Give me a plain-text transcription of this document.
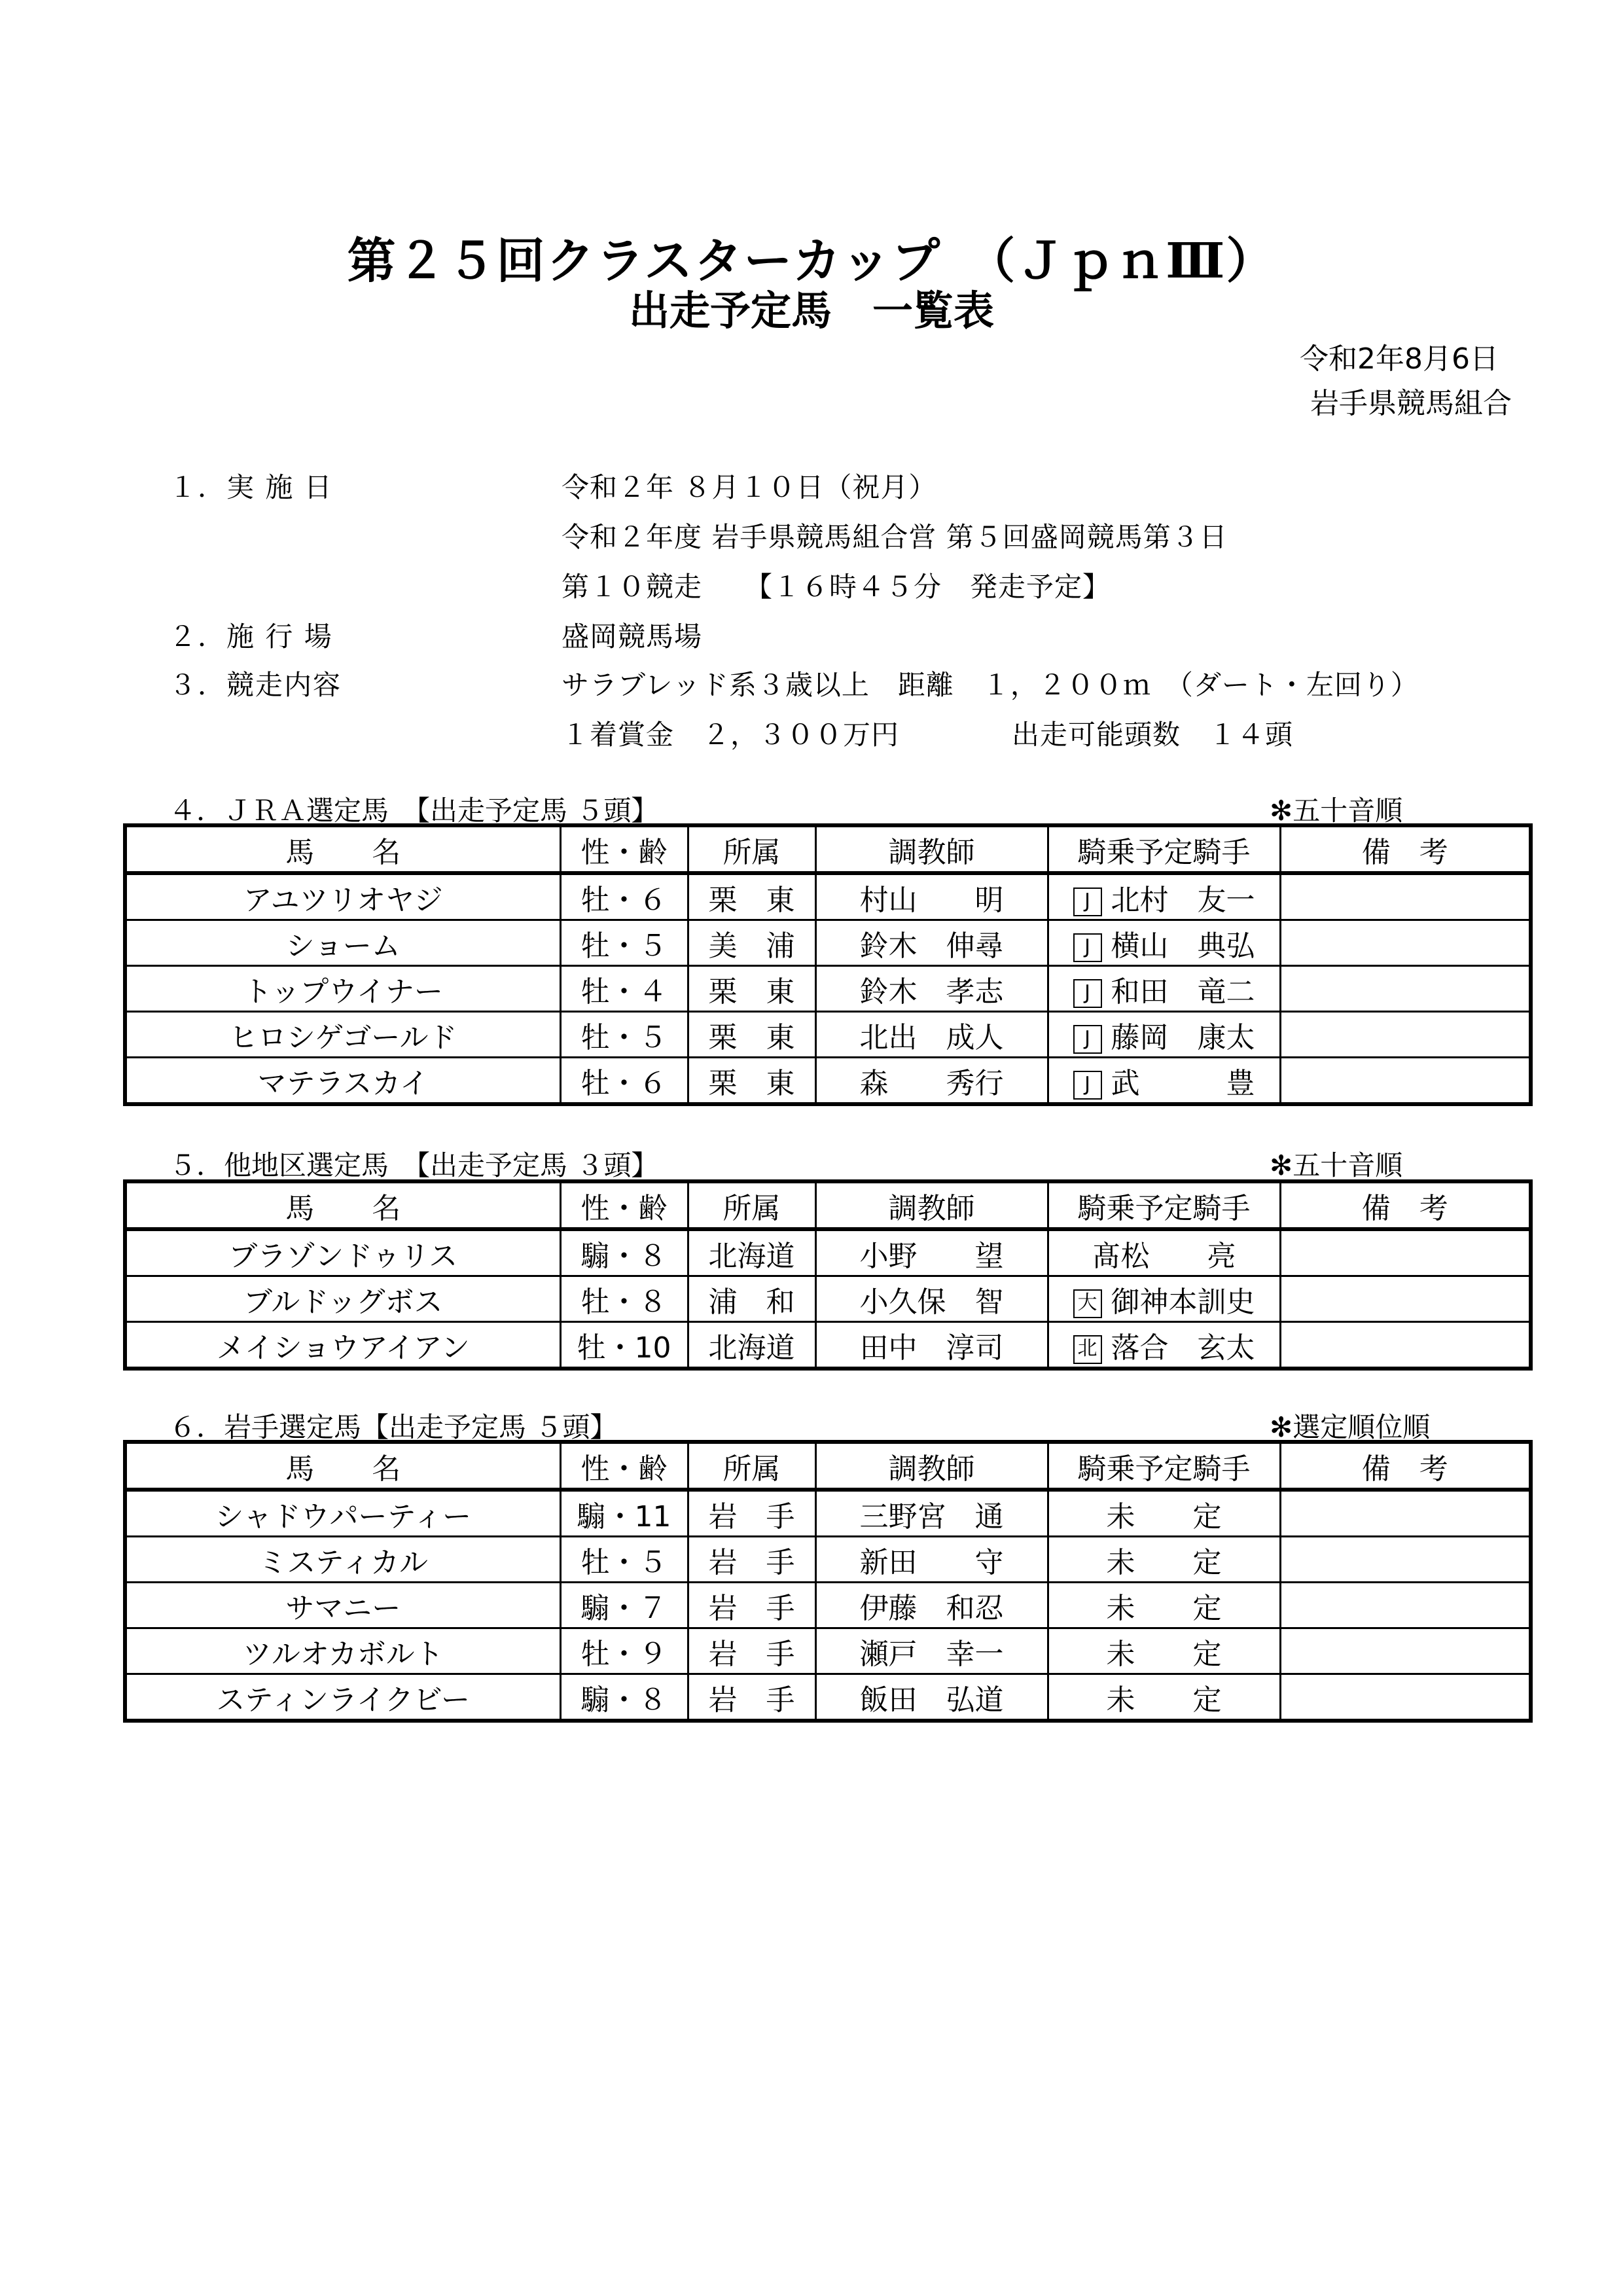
第２５回クラスターカップ　（ＪｐｎⅢ）
出走予定馬　一覧表
令和2年8月6日
岩手県競馬組合
１．実 施 日	令和２年 ８月１０日（祝月）
令和２年度 岩手県競馬組合営 第５回盛岡競馬第３日
第１０競走　　【１６時４５分　発走予定】
２．施 行 場	盛岡競馬場
３．競走内容	サラブレッド系３歳以上　距離　１，２００ｍ　（ダート・左回り）
１着賞金　２，３００万円　　　　出走可能頭数　１４頭
４．ＪＲＡ選定馬　【出走予定馬 ５頭】	✻五十音順
馬　　名	性・齢	所属	調教師	騎乗予定騎手	備　考
アユツリオヤジ	牡・６	栗　東	村山　　明	J 北村　友一	
ショーム	牡・５	美　浦	鈴木　伸尋	J 横山　典弘	
トップウイナー	牡・４	栗　東	鈴木　孝志	J 和田　竜二	
ヒロシゲゴールド	牡・５	栗　東	北出　成人	J 藤岡　康太	
マテラスカイ	牡・６	栗　東	森　　秀行	J 武　　　豊	
５．他地区選定馬　【出走予定馬 ３頭】	✻五十音順
馬　　名	性・齢	所属	調教師	騎乗予定騎手	備　考
ブラゾンドゥリス	騸・８	北海道	小野　　望	髙松　　亮	
ブルドッグボス	牡・８	浦　和	小久保　智	大 御神本訓史	
メイショウアイアン	牡・10	北海道	田中　淳司	北 落合　玄太	
６．岩手選定馬【出走予定馬 ５頭】	✻選定順位順
馬　　名	性・齢	所属	調教師	騎乗予定騎手	備　考
シャドウパーティー	騸・11	岩　手	三野宮　通	未　　定	
ミスティカル	牡・５	岩　手	新田　　守	未　　定	
サマニー	騸・７	岩　手	伊藤　和忍	未　　定	
ツルオカボルト	牡・９	岩　手	瀬戸　幸一	未　　定	
スティンライクビー	騸・８	岩　手	飯田　弘道	未　　定	
